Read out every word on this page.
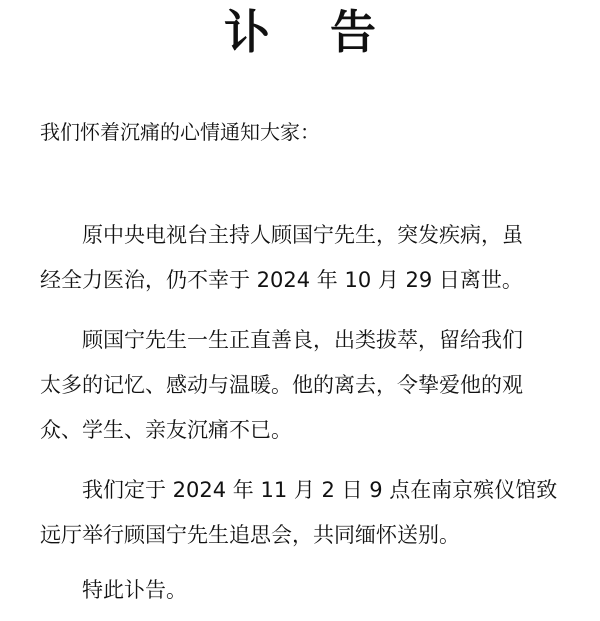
讣 告
我们怀着沉痛的心情通知大家：
原中央电视台主持人顾国宁先生，突发疾病，虽
经全力医治，仍不幸于 2024 年 10 月 29 日离世。
顾国宁先生一生正直善良，出类拔萃，留给我们
太多的记忆、感动与温暖。他的离去，令挚爱他的观
众、学生、亲友沉痛不已。
我们定于 2024 年 11 月 2 日 9 点在南京殡仪馆致
远厅举行顾国宁先生追思会，共同缅怀送别。
特此讣告。
